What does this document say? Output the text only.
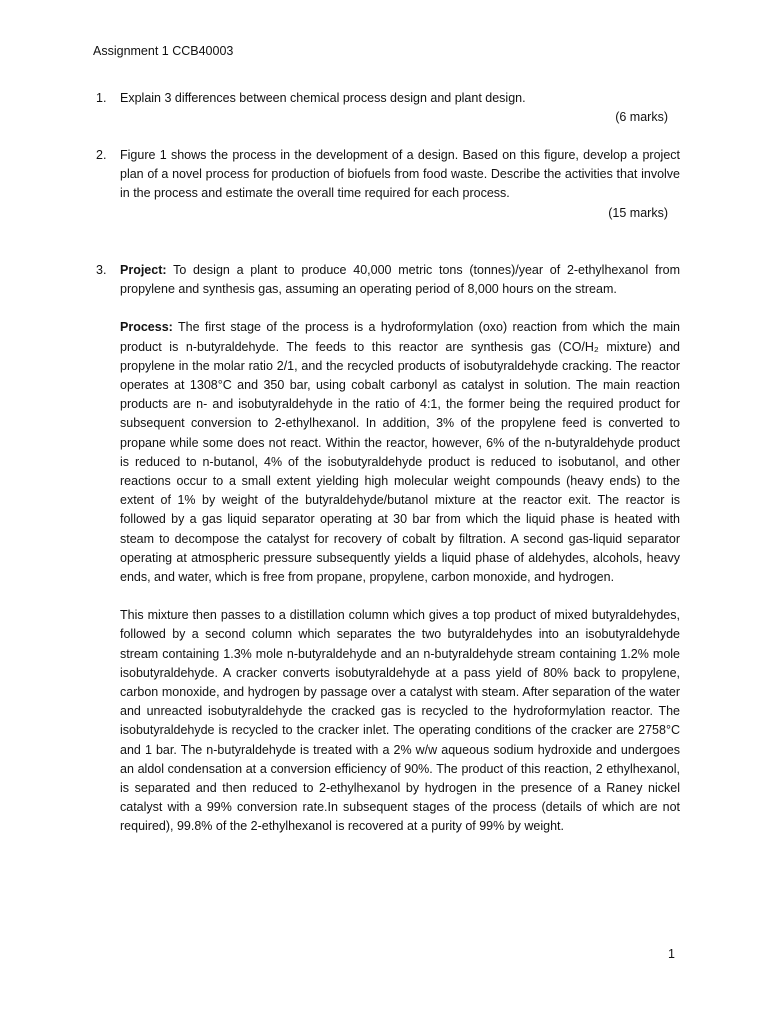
Assignment 1 CCB40003
1. Explain 3 differences between chemical process design and plant design.

(6 marks)

2. Figure 1 shows the process in the development of a design. Based on this figure, develop a project plan of a novel process for production of biofuels from food waste. Describe the activities that involve in the process and estimate the overall time required for each process.

(15 marks)

3. Project: To design a plant to produce 40,000 metric tons (tonnes)/year of 2-ethylhexanol from propylene and synthesis gas, assuming an operating period of 8,000 hours on the stream.

Process: The first stage of the process is a hydroformylation (oxo) reaction from which the main product is n-butyraldehyde. The feeds to this reactor are synthesis gas (CO/H₂ mixture) and propylene in the molar ratio 2/1, and the recycled products of isobutyraldehyde cracking. The reactor operates at 1308°C and 350 bar, using cobalt carbonyl as catalyst in solution. The main reaction products are n- and isobutyraldehyde in the ratio of 4:1, the former being the required product for subsequent conversion to 2-ethylhexanol. In addition, 3% of the propylene feed is converted to propane while some does not react. Within the reactor, however, 6% of the n-butyraldehyde product is reduced to n-butanol, 4% of the isobutyraldehyde product is reduced to isobutanol, and other reactions occur to a small extent yielding high molecular weight compounds (heavy ends) to the extent of 1% by weight of the butyraldehyde/butanol mixture at the reactor exit. The reactor is followed by a gas liquid separator operating at 30 bar from which the liquid phase is heated with steam to decompose the catalyst for recovery of cobalt by filtration. A second gas-liquid separator operating at atmospheric pressure subsequently yields a liquid phase of aldehydes, alcohols, heavy ends, and water, which is free from propane, propylene, carbon monoxide, and hydrogen.

This mixture then passes to a distillation column which gives a top product of mixed butyraldehydes, followed by a second column which separates the two butyraldehydes into an isobutyraldehyde stream containing 1.3% mole n-butyraldehyde and an n-butyraldehyde stream containing 1.2% mole isobutyraldehyde. A cracker converts isobutyraldehyde at a pass yield of 80% back to propylene, carbon monoxide, and hydrogen by passage over a catalyst with steam. After separation of the water and unreacted isobutyraldehyde the cracked gas is recycled to the hydroformylation reactor. The isobutyraldehyde is recycled to the cracker inlet. The operating conditions of the cracker are 2758°C and 1 bar. The n-butyraldehyde is treated with a 2% w/w aqueous sodium hydroxide and undergoes an aldol condensation at a conversion efficiency of 90%. The product of this reaction, 2 ethylhexanol, is separated and then reduced to 2-ethylhexanol by hydrogen in the presence of a Raney nickel catalyst with a 99% conversion rate.In subsequent stages of the process (details of which are not required), 99.8% of the 2-ethylhexanol is recovered at a purity of 99% by weight.

1
